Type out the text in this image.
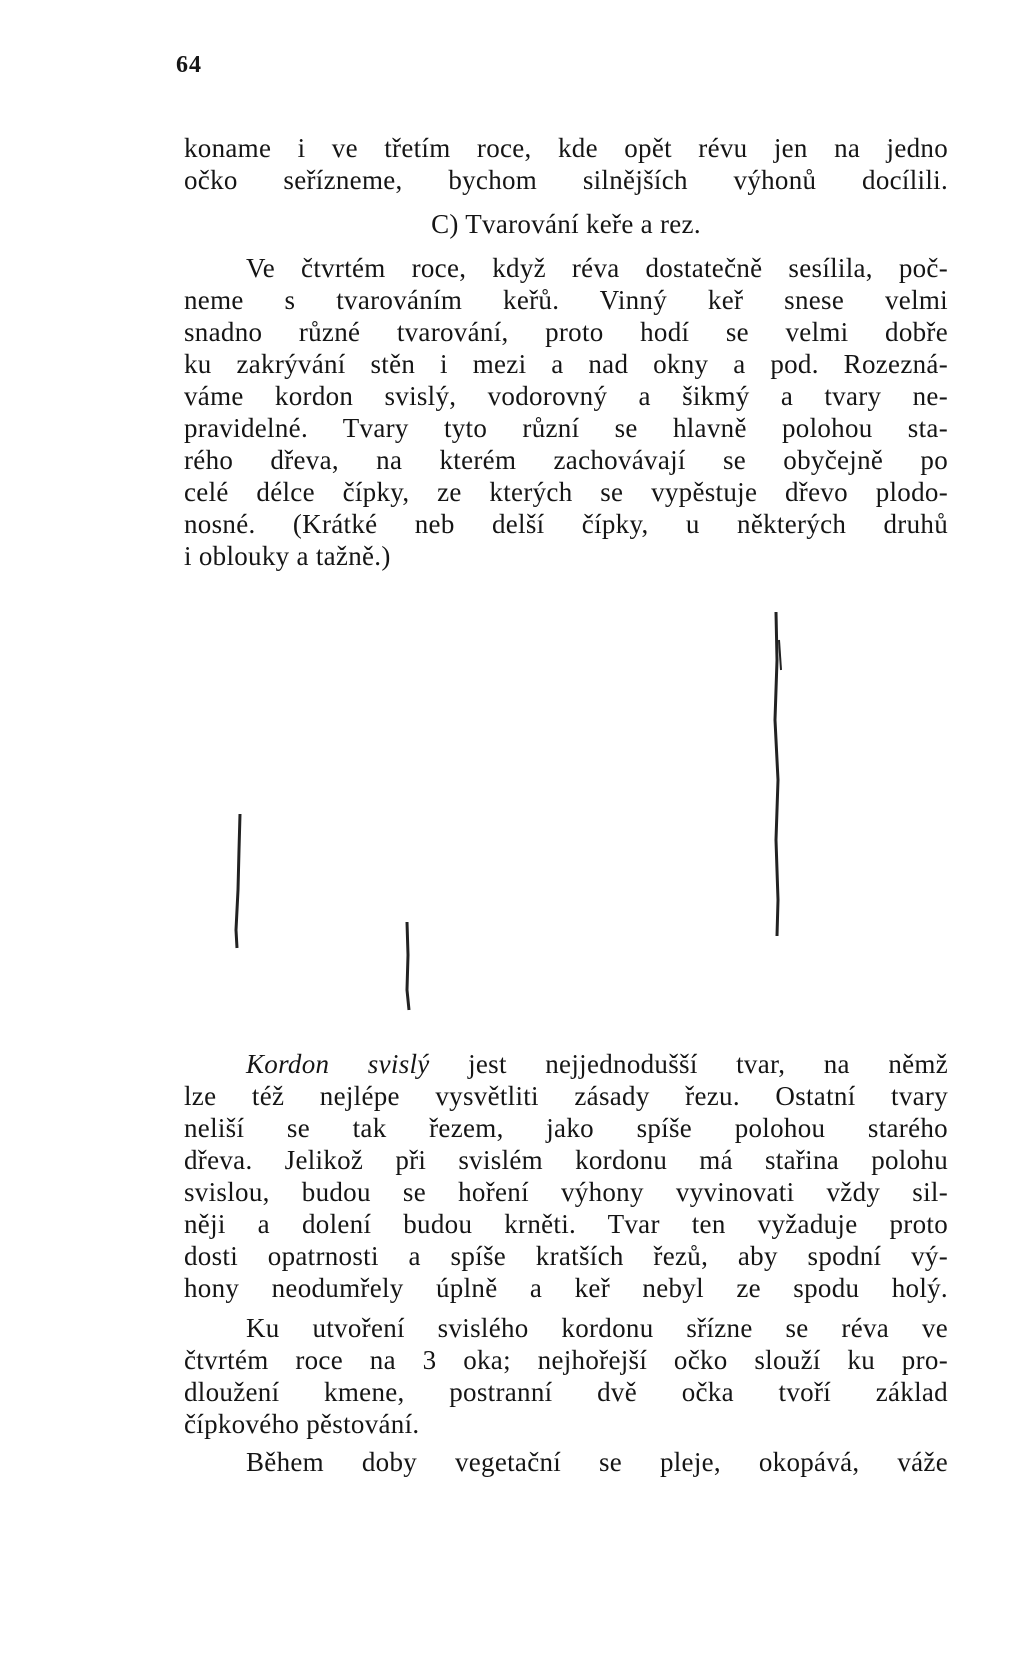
64
koname i ve třetím roce, kde opět révu jen na jedno
očko seřízneme, bychom silnějších výhonů docílili.
C) Tvarování keře a rez.
Ve čtvrtém roce, když réva dostatečně sesílila, poč-
neme s tvarováním keřů. Vinný keř snese velmi
snadno různé tvarování, proto hodí se velmi dobře
ku zakrývání stěn i mezi a nad okny a pod. Rozezná-
váme kordon svislý, vodorovný a šikmý a tvary ne-
pravidelné. Tvary tyto různí se hlavně polohou sta-
rého dřeva, na kterém zachovávají se obyčejně po
celé délce čípky, ze kterých se vypěstuje dřevo plodo-
nosné. (Krátké neb delší čípky, u některých druhů
i oblouky a tažně.)
Kordon svislý jest nejjednodušší tvar, na němž
lze též nejlépe vysvětliti zásady řezu. Ostatní tvary
neliší se tak řezem, jako spíše polohou starého
dřeva. Jelikož při svislém kordonu má stařina polohu
svislou, budou se hoření výhony vyvinovati vždy sil-
něji a dolení budou krněti. Tvar ten vyžaduje proto
dosti opatrnosti a spíše kratších řezů, aby spodní vý-
hony neodumřely úplně a keř nebyl ze spodu holý.
Ku utvoření svislého kordonu sřízne se réva ve
čtvrtém roce na 3 oka; nejhořejší očko slouží ku pro-
dloužení kmene, postranní dvě očka tvoří základ
čípkového pěstování.
Během doby vegetační se pleje, okopává, váže
